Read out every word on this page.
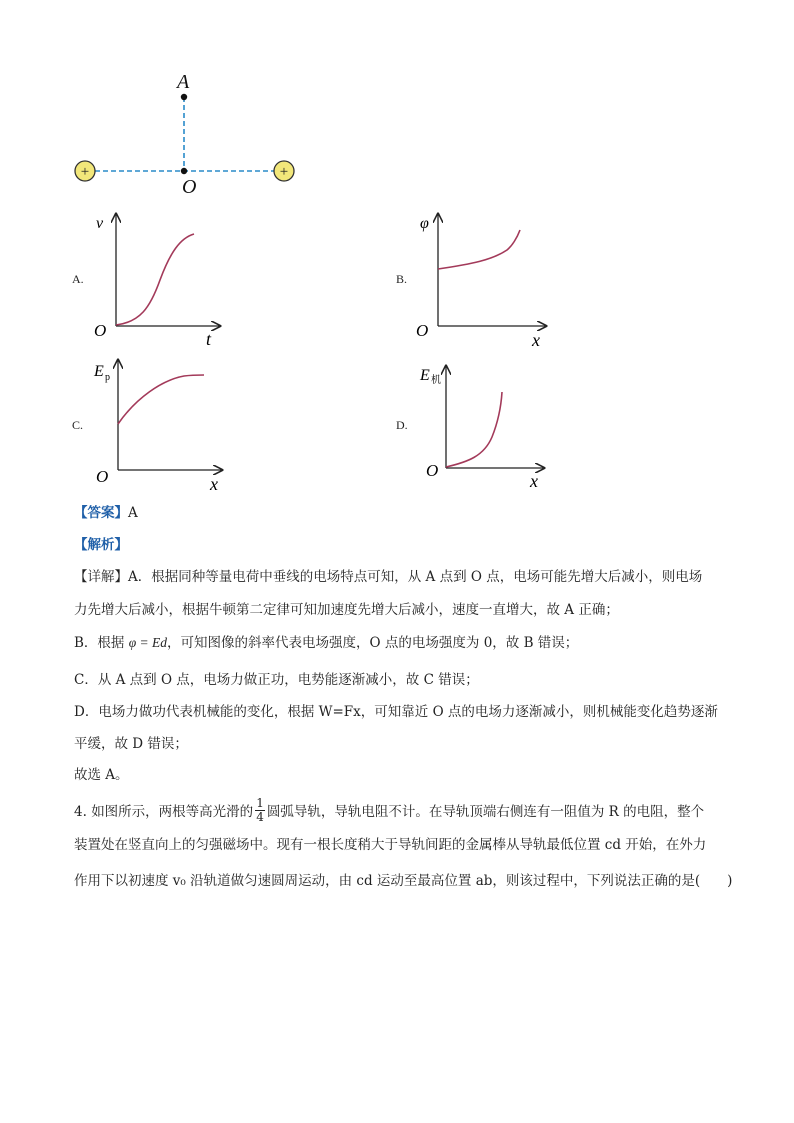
+	+
A
O
A.
v
t
O
B.
φ
x
O
C.
E p
x
O
D.
E 机
x
O
【答案】A
【解析】
【详解】A．根据同种等量电荷中垂线的电场特点可知，从 A 点到 O 点，电场可能先增大后减小，则电场
力先增大后减小，根据牛顿第二定律可知加速度先增大后减小，速度一直增大，故 A 正确；
B．根据 φ = Ed，可知图像的斜率代表电场强度，O 点的电场强度为 0，故 B 错误；
C．从 A 点到 O 点，电场力做正功，电势能逐渐减小，故 C 错误；
D．电场力做功代表机械能的变化，根据 W=Fx，可知靠近 O 点的电场力逐渐减小，则机械能变化趋势逐渐
平缓，故 D 错误；
故选 A。
4. 如图所示，两根等高光滑的 $\frac{1}{4}$ 圆弧导轨，导轨电阻不计。在导轨顶端右侧连有一阻值为 R 的电阻，整个
装置处在竖直向上的匀强磁场中。现有一根长度稍大于导轨间距的金属棒从导轨最低位置 cd 开始，在外力
作用下以初速度 v₀ 沿轨道做匀速圆周运动，由 cd 运动至最高位置 ab，则该过程中，下列说法正确的是(　　)
